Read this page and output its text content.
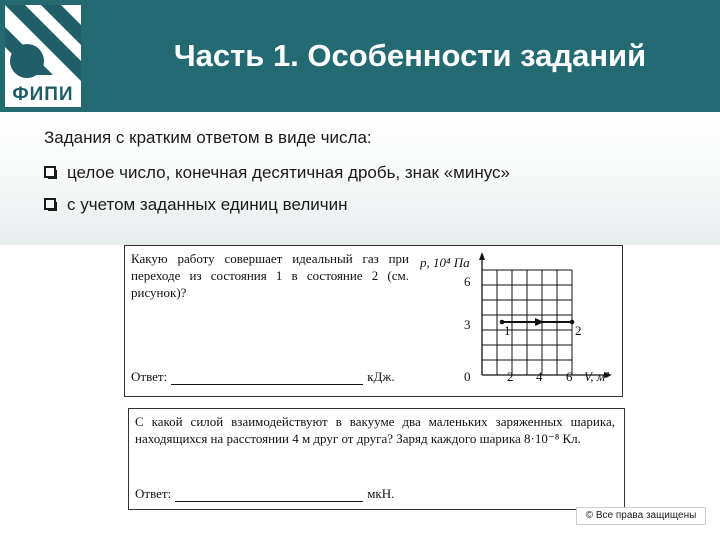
ФИПИ
Часть 1. Особенности заданий
Задания с кратким ответом в виде числа:
целое число, конечная десятичная дробь, знак «минус»
с учетом заданных единиц величин
Какую работу совершает идеальный газ при переходе из состояния 1 в состояние 2 (см. рисунок)?
Ответ:	кДж.
p, 10⁴ Па
V, м³
6
3
0	2 4 6
1	2
С какой силой взаимодействуют в вакууме два маленьких заряженных шарика, находящихся на расстоянии 4 м друг от друга? Заряд каждого шарика 8·10⁻⁸ Кл.
Ответ:	мкН.
© Все права защищены
